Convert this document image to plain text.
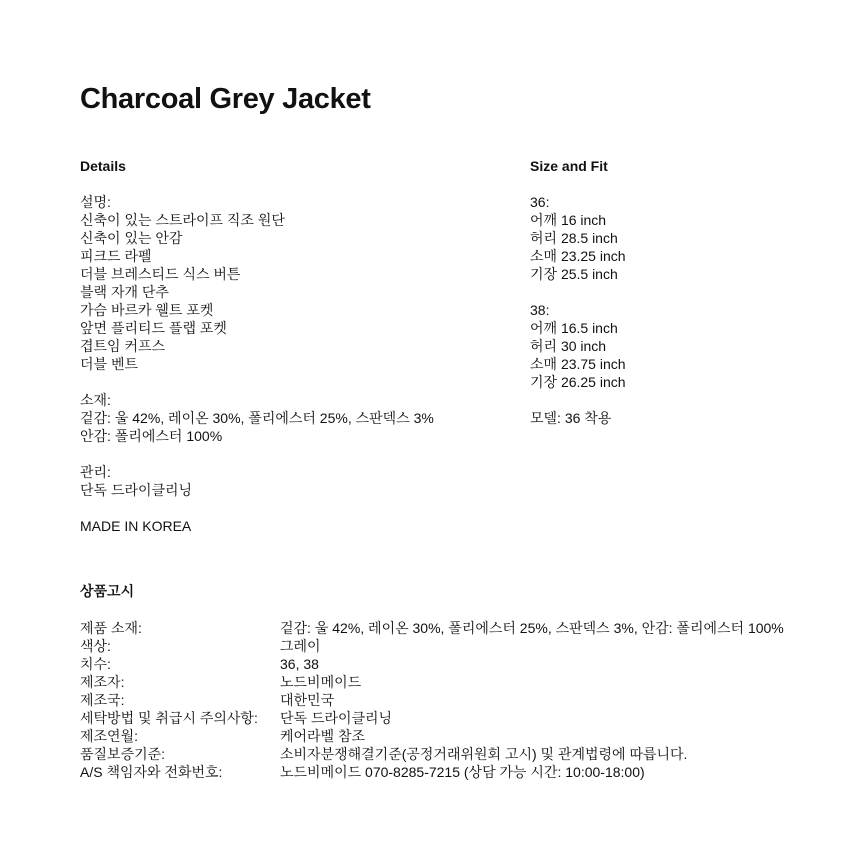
Charcoal Grey Jacket
Details
설명:
신축이 있는 스트라이프 직조 원단
신축이 있는 안감
피크드 라펠
더블 브레스티드 식스 버튼
블랙 자개 단추
가슴 바르카 웰트 포켓
앞면 플리티드 플랩 포켓
겹트임 커프스
더블 벤트
소재:
겉감: 울 42%, 레이온 30%, 폴리에스터 25%, 스판덱스 3%
안감: 폴리에스터 100%
관리:
단독 드라이클리닝
MADE IN KOREA
Size and Fit
36:
어깨 16 inch
허리 28.5 inch
소매 23.25 inch
기장 25.5 inch
38:
어깨 16.5 inch
허리 30 inch
소매 23.75 inch
기장 26.25 inch
모델: 36 착용
상품고시
제품 소재:	겉감: 울 42%, 레이온 30%, 폴리에스터 25%, 스판덱스 3%, 안감: 폴리에스터 100%
색상:	그레이
치수:	36, 38
제조자:	노드비메이드
제조국:	대한민국
세탁방법 및 취급시 주의사항:	단독 드라이클리닝
제조연월:	케어라벨 참조
품질보증기준:	소비자분쟁해결기준(공정거래위원회 고시) 및 관계법령에 따릅니다.
A/S 책임자와 전화번호:	노드비메이드 070-8285-7215 (상담 가능 시간: 10:00-18:00)
